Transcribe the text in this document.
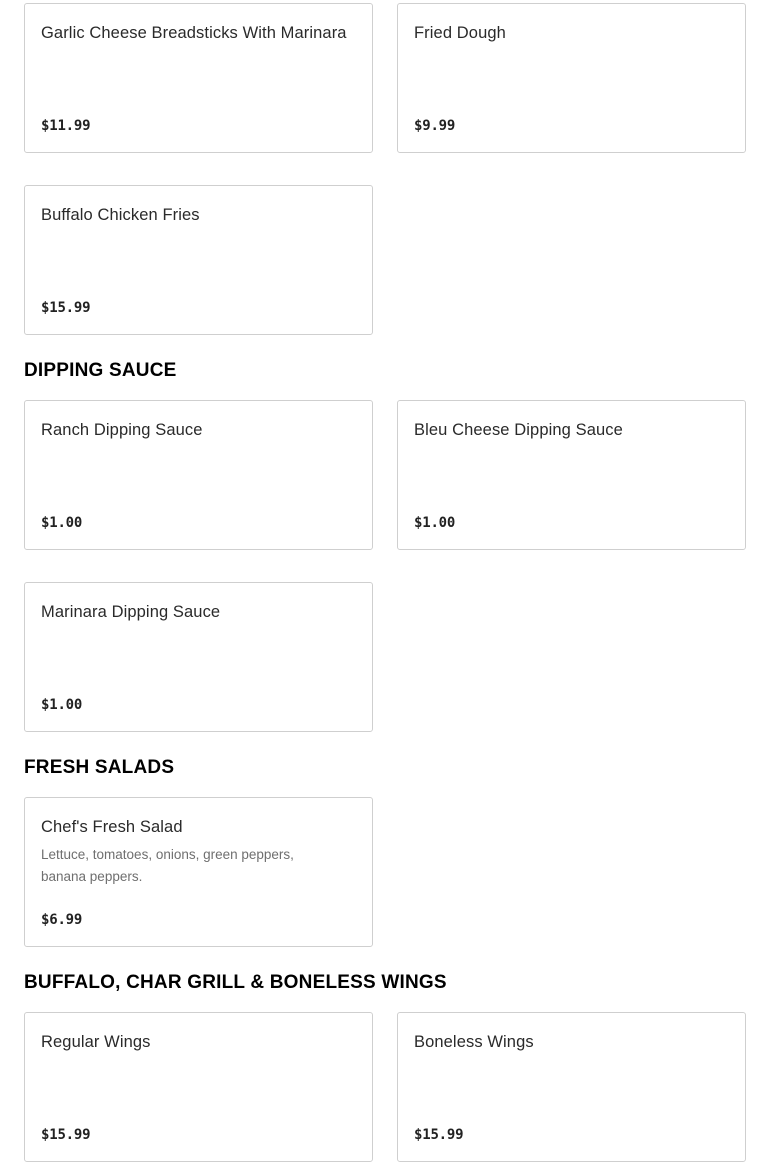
Garlic Cheese Breadsticks With Marinara
$11.99
Fried Dough
$9.99
Buffalo Chicken Fries
$15.99
DIPPING SAUCE
Ranch Dipping Sauce
$1.00
Bleu Cheese Dipping Sauce
$1.00
Marinara Dipping Sauce
$1.00
FRESH SALADS
Chef's Fresh Salad
Lettuce, tomatoes, onions, green peppers, banana peppers.
$6.99
BUFFALO, CHAR GRILL & BONELESS WINGS
Regular Wings
$15.99
Boneless Wings
$15.99
